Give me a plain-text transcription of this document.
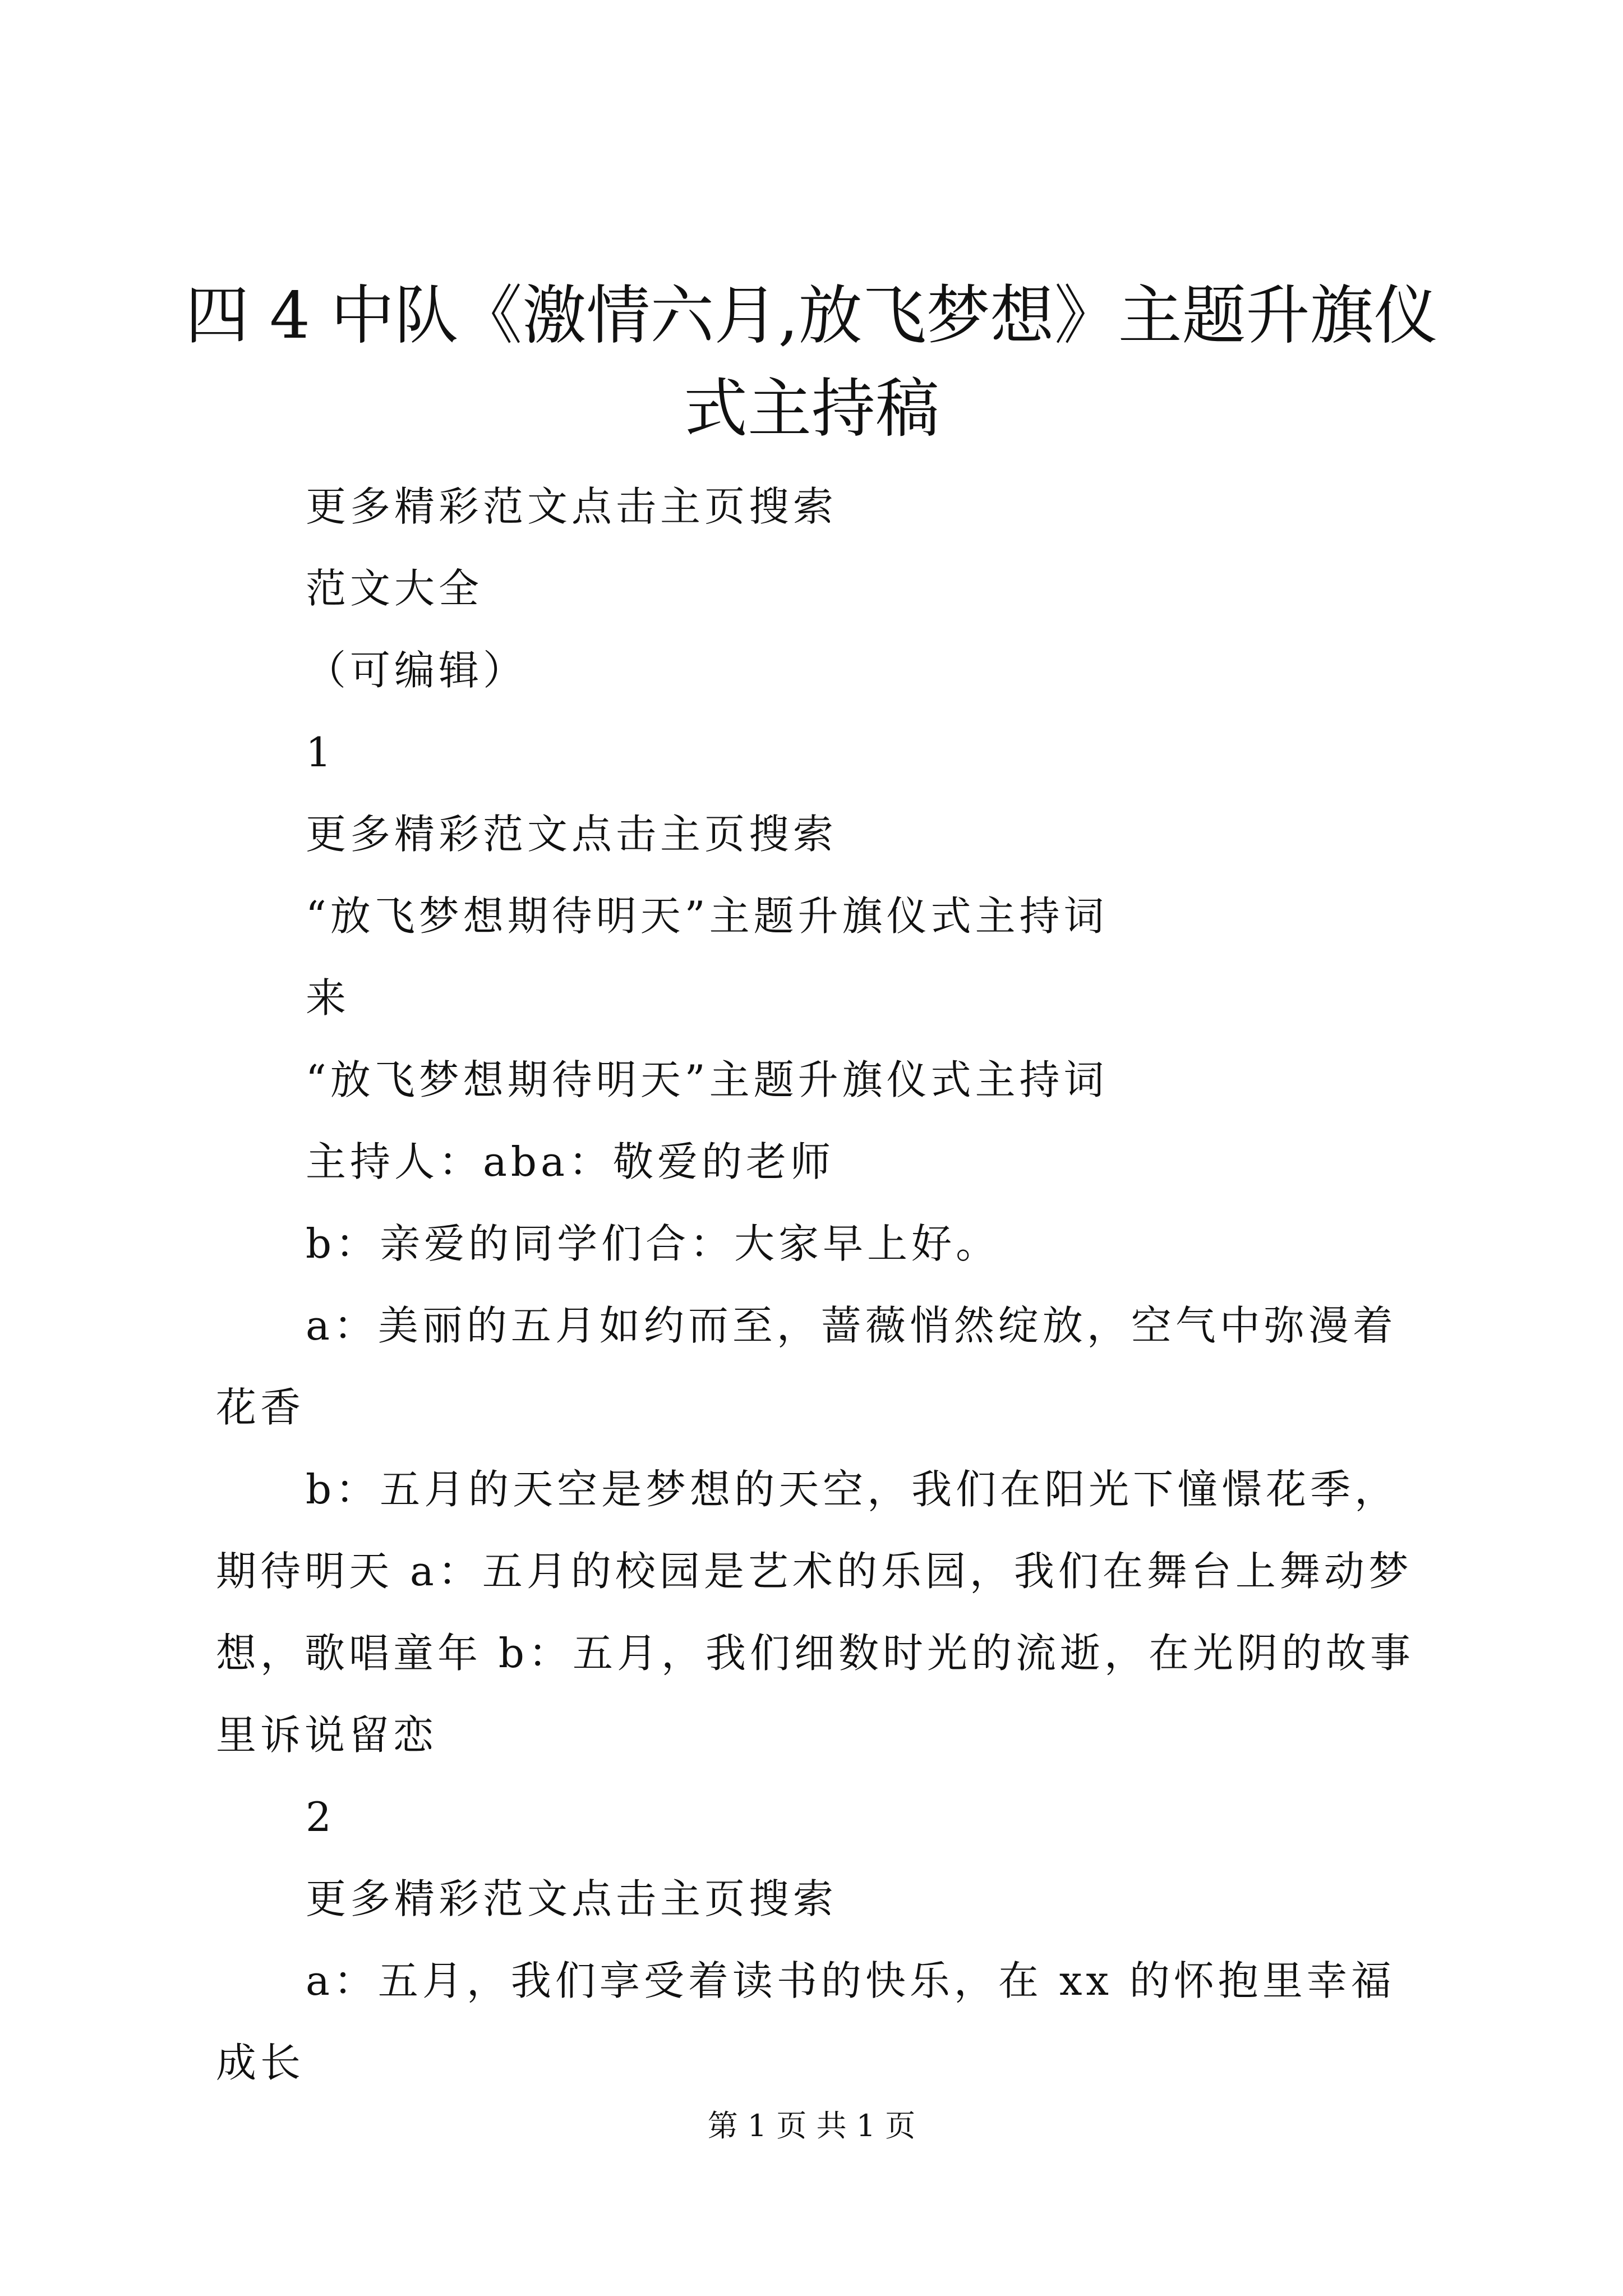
四 4 中队《激情六月,放飞梦想》主题升旗仪式主持稿

更多精彩范文点击主页搜索

范文大全

（可编辑）

1

更多精彩范文点击主页搜索

“放飞梦想期待明天”主题升旗仪式主持词

来

“放飞梦想期待明天”主题升旗仪式主持词

主持人：aba：敬爱的老师

b：亲爱的同学们合：大家早上好。

a：美丽的五月如约而至，蔷薇悄然绽放，空气中弥漫着花香

b：五月的天空是梦想的天空，我们在阳光下憧憬花季，期待明天 a：五月的校园是艺术的乐园，我们在舞台上舞动梦想，歌唱童年 b：五月，我们细数时光的流逝，在光阴的故事里诉说留恋

2

更多精彩范文点击主页搜索

a：五月，我们享受着读书的快乐，在 xx 的怀抱里幸福成长

第 1 页 共 1 页
